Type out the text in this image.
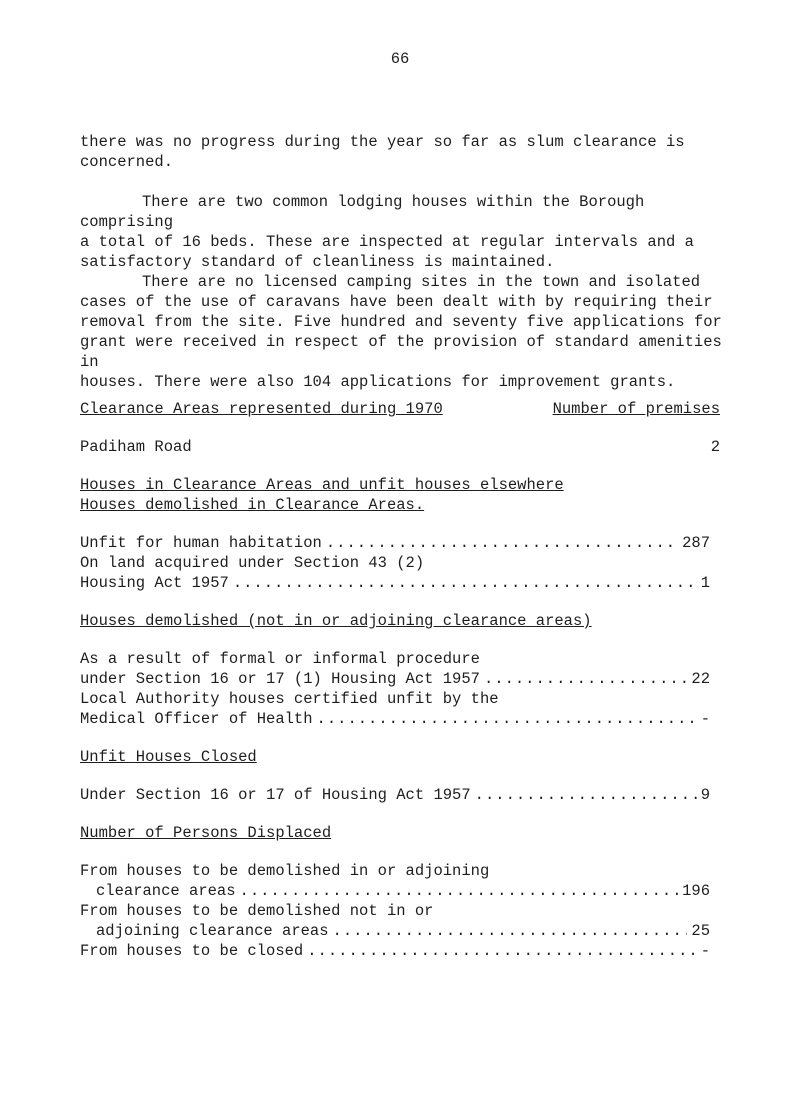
66

there was no progress during the year so far as slum clearance is
concerned.

There are two common lodging houses within the Borough comprising
a total of 16 beds. These are inspected at regular intervals and a
satisfactory standard of cleanliness is maintained.

There are no licensed camping sites in the town and isolated
cases of the use of caravans have been dealt with by requiring their
removal from the site. Five hundred and seventy five applications for
grant were received in respect of the provision of standard amenities in
houses. There were also 104 applications for improvement grants.

Clearance Areas represented during 1970	Number of premises
Padiham Road	2
Houses in Clearance Areas and unfit houses elsewhere
Houses demolished in Clearance Areas.
Unfit for human habitation .....	287
On land acquired under Section 43 (2)
Housing Act 1957 .....	1
Houses demolished (not in or adjoining clearance areas)
As a result of formal or informal procedure
under Section 16 or 17 (1) Housing Act 1957 .....	22
Local Authority houses certified unfit by the
Medical Officer of Health .....	-
Unfit Houses Closed
Under Section 16 or 17 of Housing Act 1957 .....	9
Number of Persons Displaced
From houses to be demolished in or adjoining
clearance areas .....	196
From houses to be demolished not in or
adjoining clearance areas .....	25
From houses to be closed .....	-
